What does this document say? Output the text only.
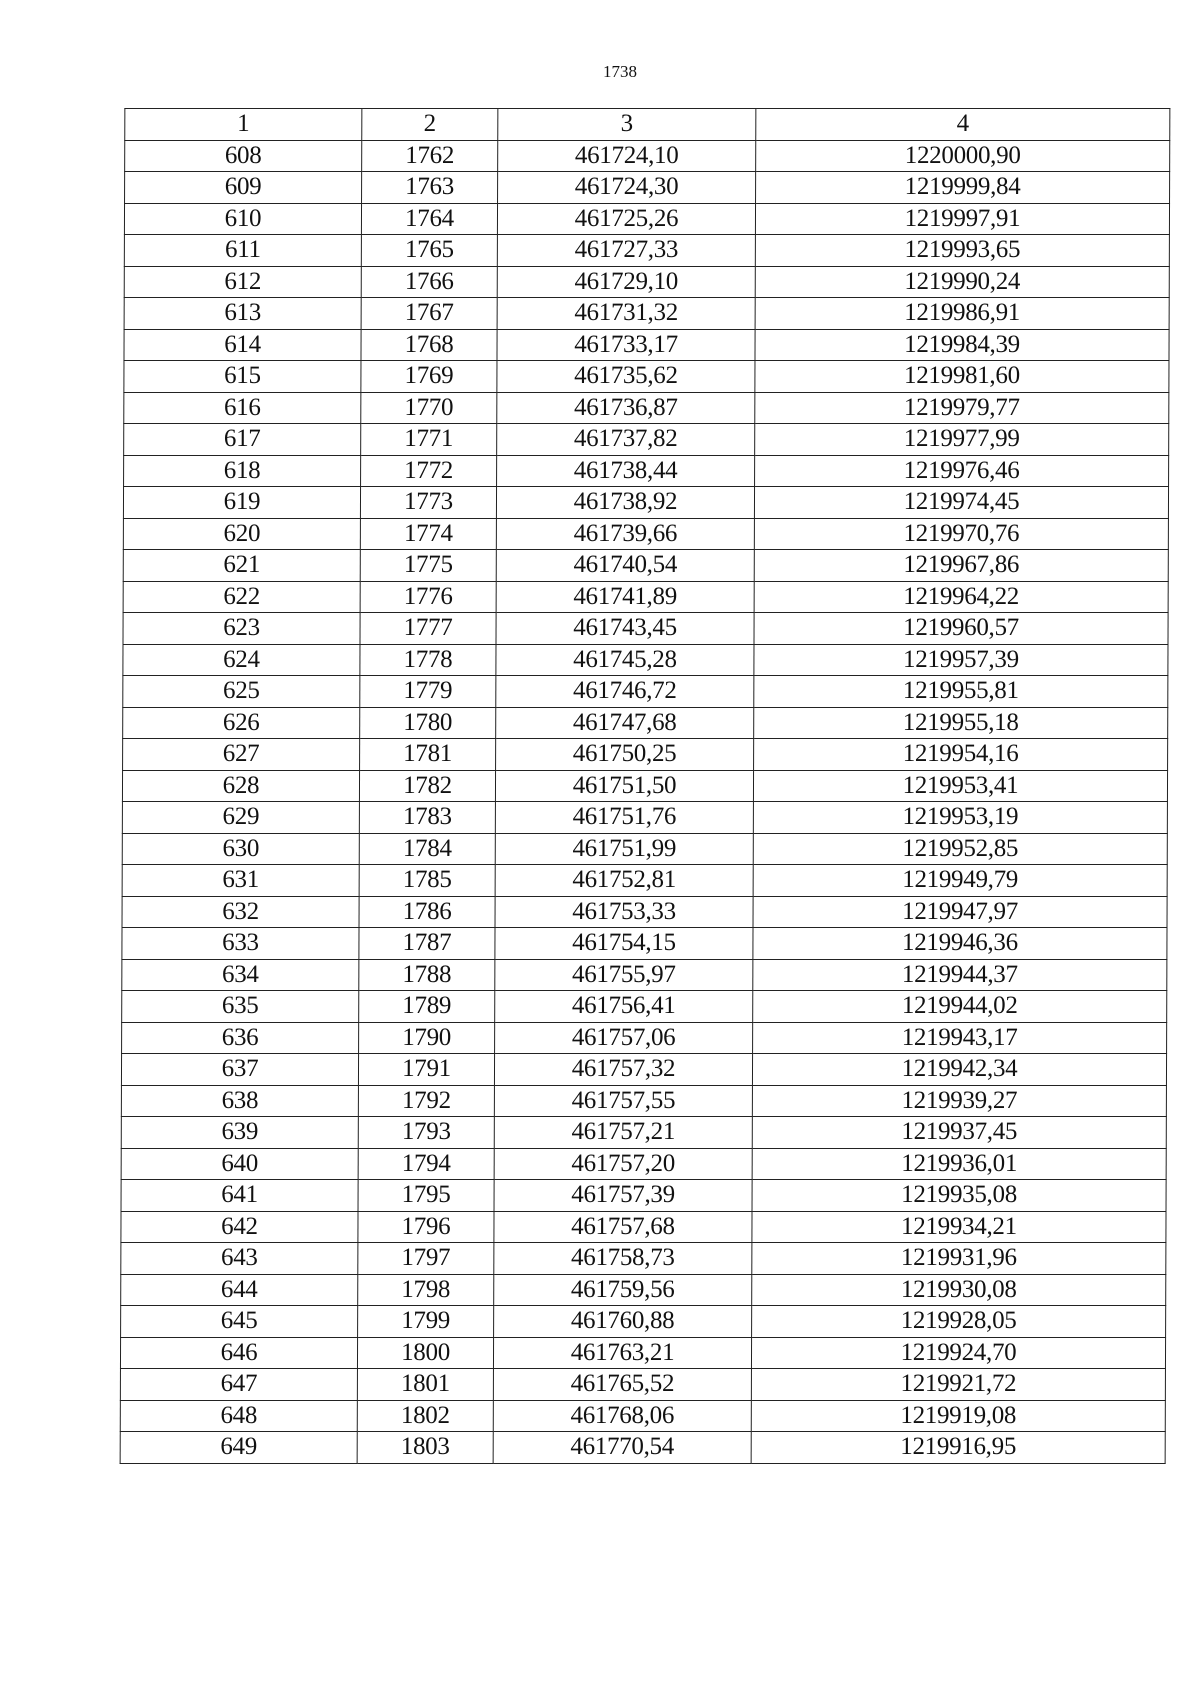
1738
1	2	3	4
608	1762	461724,10	1220000,90
609	1763	461724,30	1219999,84
610	1764	461725,26	1219997,91
611	1765	461727,33	1219993,65
612	1766	461729,10	1219990,24
613	1767	461731,32	1219986,91
614	1768	461733,17	1219984,39
615	1769	461735,62	1219981,60
616	1770	461736,87	1219979,77
617	1771	461737,82	1219977,99
618	1772	461738,44	1219976,46
619	1773	461738,92	1219974,45
620	1774	461739,66	1219970,76
621	1775	461740,54	1219967,86
622	1776	461741,89	1219964,22
623	1777	461743,45	1219960,57
624	1778	461745,28	1219957,39
625	1779	461746,72	1219955,81
626	1780	461747,68	1219955,18
627	1781	461750,25	1219954,16
628	1782	461751,50	1219953,41
629	1783	461751,76	1219953,19
630	1784	461751,99	1219952,85
631	1785	461752,81	1219949,79
632	1786	461753,33	1219947,97
633	1787	461754,15	1219946,36
634	1788	461755,97	1219944,37
635	1789	461756,41	1219944,02
636	1790	461757,06	1219943,17
637	1791	461757,32	1219942,34
638	1792	461757,55	1219939,27
639	1793	461757,21	1219937,45
640	1794	461757,20	1219936,01
641	1795	461757,39	1219935,08
642	1796	461757,68	1219934,21
643	1797	461758,73	1219931,96
644	1798	461759,56	1219930,08
645	1799	461760,88	1219928,05
646	1800	461763,21	1219924,70
647	1801	461765,52	1219921,72
648	1802	461768,06	1219919,08
649	1803	461770,54	1219916,95
